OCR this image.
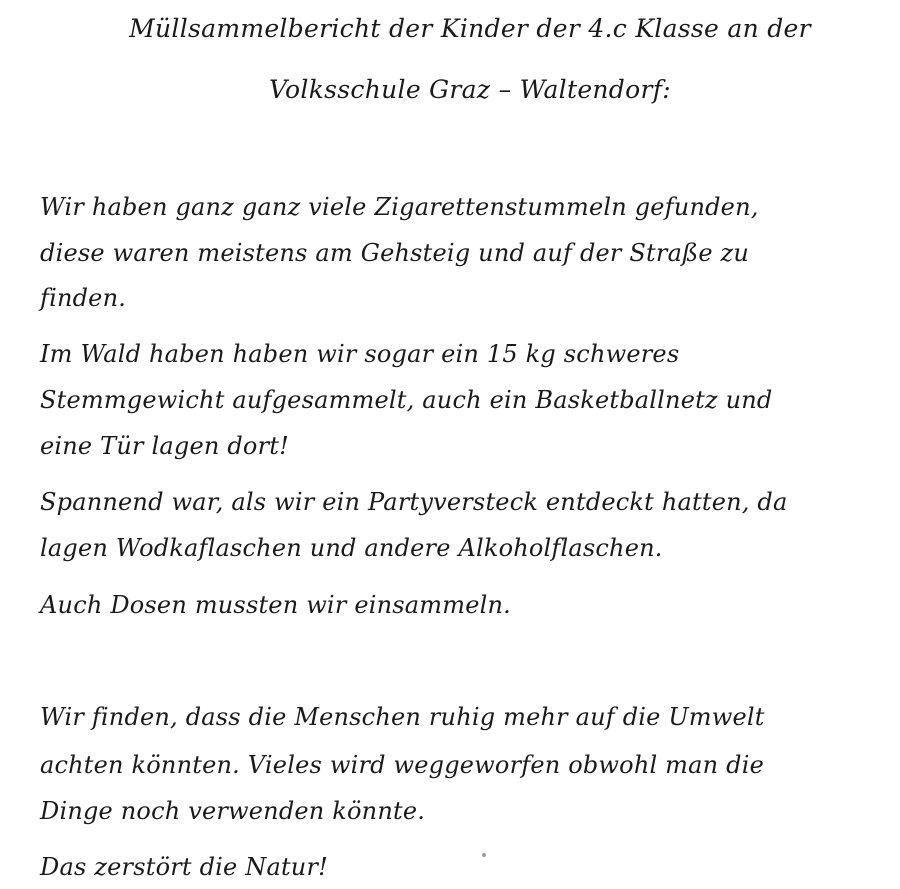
Müllsammelbericht der Kinder der 4.c Klasse an der
Volksschule Graz – Waltendorf:
Wir haben ganz ganz viele Zigarettenstummeln gefunden,
diese waren meistens am Gehsteig und auf der Straße zu
finden.
Im Wald haben haben wir sogar ein 15 kg schweres
Stemmgewicht aufgesammelt, auch ein Basketballnetz und
eine Tür lagen dort!
Spannend war, als wir ein Partyversteck entdeckt hatten, da
lagen Wodkaflaschen und andere Alkoholflaschen.
Auch Dosen mussten wir einsammeln.
Wir finden, dass die Menschen ruhig mehr auf die Umwelt
achten könnten. Vieles wird weggeworfen obwohl man die
Dinge noch verwenden könnte.
Das zerstört die Natur!
